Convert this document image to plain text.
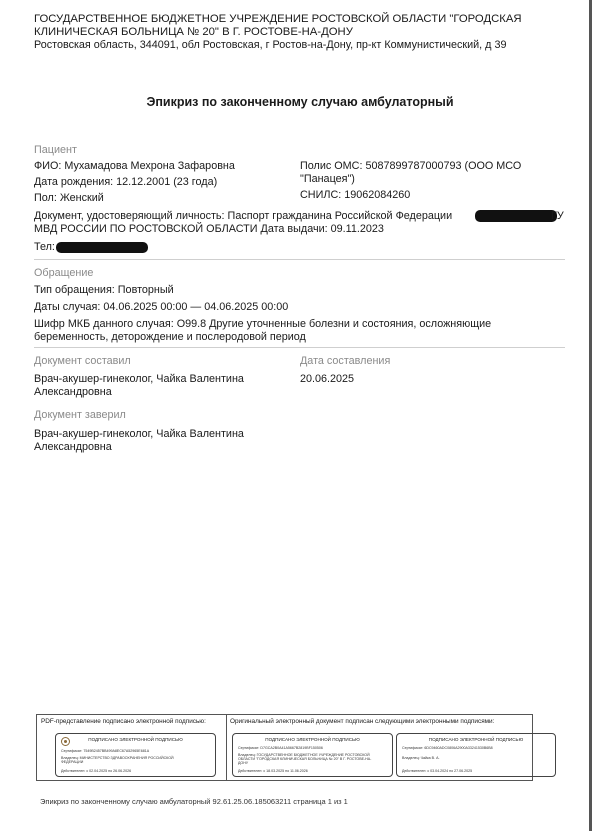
ГОСУДАРСТВЕННОЕ БЮДЖЕТНОЕ УЧРЕЖДЕНИЕ РОСТОВСКОЙ ОБЛАСТИ "ГОРОДСКАЯ
КЛИНИЧЕСКАЯ БОЛЬНИЦА № 20" В Г. РОСТОВЕ-НА-ДОНУ
Ростовская область, 344091, обл Ростовская, г Ростов-на-Дону, пр-кт Коммунистический, д 39
Эпикриз по законченному случаю амбулаторный
Пациент
ФИО: Мухамадова Мехрона Зафаровна
Дата рождения: 12.12.2001 (23 года)
Пол: Женский
Полис ОМС: 5087899787000793 (ООО МСО
"Панацея")
СНИЛС: 19062084260
Документ, удостоверяющий личность: Паспорт гражданина Российской Федерации	ГУ
МВД РОССИИ ПО РОСТОВСКОЙ ОБЛАСТИ Дата выдачи: 09.11.2023
Тел:
Обращение
Тип обращения: Повторный
Даты случая: 04.06.2025 00:00 — 04.06.2025 00:00
Шифр МКБ данного случая: O99.8 Другие уточненные болезни и состояния, осложняющие
беременность, деторождение и послеродовой период
Документ составил
Врач-акушер-гинеколог, Чайка Валентина
Александровна
Дата составления
20.06.2025
Документ заверил
Врач-акушер-гинеколог, Чайка Валентина
Александровна
PDF-представление подписано электронной подписью:	Оригинальный электронный документ подписан следующими электронными подписями:
ПОДПИСАНО ЭЛЕКТРОННОЙ ПОДПИСЬЮ
Сертификат: 7549B2457BB499A8EC67A52965E681A
Владелец: МИНИСТЕРСТВО ЗДРАВООХРАНЕНИЯ РОССИЙСКОЙ
ФЕДЕРАЦИИ
Действителен: с 02.04.2025 по 26.06.2026
ПОДПИСАНО ЭЛЕКТРОННОЙ ПОДПИСЬЮ
Сертификат: D7GCA2B0A41A5667B2819BF150506
Владелец: ГОСУДАРСТВЕННОЕ БЮДЖЕТНОЕ УЧРЕЖДЕНИЕ РОСТОВСКОЙ
ОБЛАСТИ "ГОРОДСКАЯ КЛИНИЧЕСКАЯ БОЛЬНИЦА № 20" В Г. РОСТОВЕ-НА-
ДОНУ
Действителен: с 18.03.2025 по 11.06.2026
ПОДПИСАНО ЭЛЕКТРОННОЙ ПОДПИСЬЮ
Сертификат: 6DC9460ADC0806A2900A33241530B6B8
Владелец: Чайка В. А.
Действителен: с 03.04.2024 по 27.06.2025
Эпикриз по законченному случаю амбулаторный 92.61.25.06.185063211 страница 1 из 1
